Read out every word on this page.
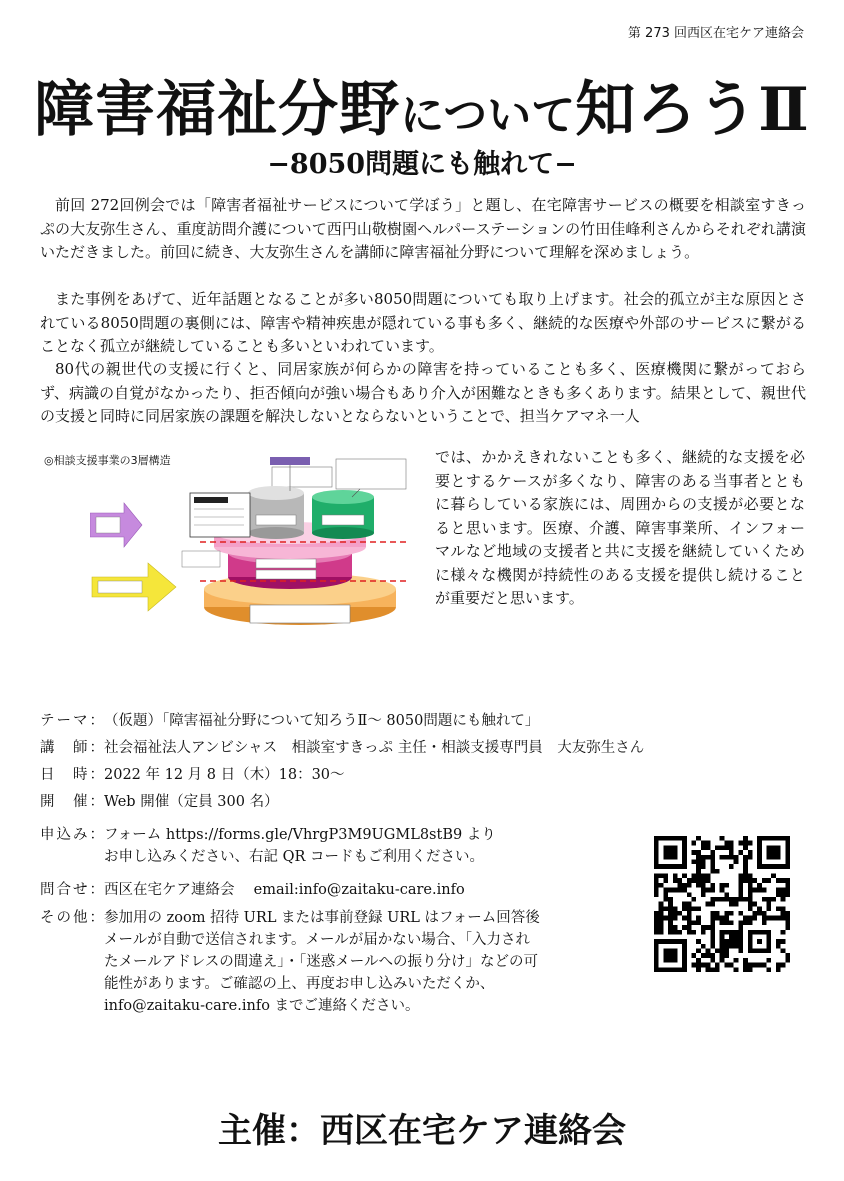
第 273 回西区在宅ケア連絡会
障害福祉分野について知ろうⅡ
−8050問題にも触れて−

前回 272回例会では「障害者福祉サービスについて学ぼう」と題し、在宅障害サービスの概要を相談室すきっぷの大友弥生さん、重度訪問介護について西円山敬樹園ヘルパーステーションの竹田佳峰利さんからそれぞれ講演いただきました。前回に続き、大友弥生さんを講師に障害福祉分野について理解を深めましょう。

また事例をあげて、近年話題となることが多い8050問題についても取り上げます。社会的孤立が主な原因とされている8050問題の裏側には、障害や精神疾患が隠れている事も多く、継続的な医療や外部のサービスに繋がることなく孤立が継続していることも多いといわれています。

80代の親世代の支援に行くと、同居家族が何らかの障害を持っていることも多く、医療機関に繋がっておらず、病識の自覚がなかったり、拒否傾向が強い場合もあり介入が困難なときも多くあります。結果として、親世代の支援と同時に同居家族の課題を解決しないとならないということで、担当ケアマネ一人

◎相談支援事業の3層構造	では、かかえきれないことも多く、継続的な支援を必要とするケースが多くなり、障害のある当事者とともに暮らしている家族には、周囲からの支援が必要となると思います。医療、介護、障害事業所、インフォーマルなど地域の支援者と共に支援を継続していくために様々な機関が持続性のある支援を提供し続けることが重要だと思います。

テーマ：（仮題）「障害福祉分野について知ろうⅡ～ 8050問題にも触れて」
講　師：社会福祉法人アンビシャス　相談室すきっぷ 主任・相談支援専門員　大友弥生さん
日　時：2022 年 12 月 8 日（木）18：30～
開　催：Web 開催（定員 300 名）
申込み：フォーム https://forms.gle/VhrgP3M9UGML8stB9 より
お申し込みください、右記 QR コードもご利用ください。
問合せ：西区在宅ケア連絡会　 email:info@zaitaku-care.info
その他：参加用の zoom 招待 URL または事前登録 URL はフォーム回答後
メールが自動で送信されます。メールが届かない場合、「入力され
たメールアドレスの間違え」・「迷惑メールへの振り分け」などの可
能性があります。ご確認の上、再度お申し込みいただくか、
info@zaitaku-care.info までご連絡ください。
主催：西区在宅ケア連絡会
